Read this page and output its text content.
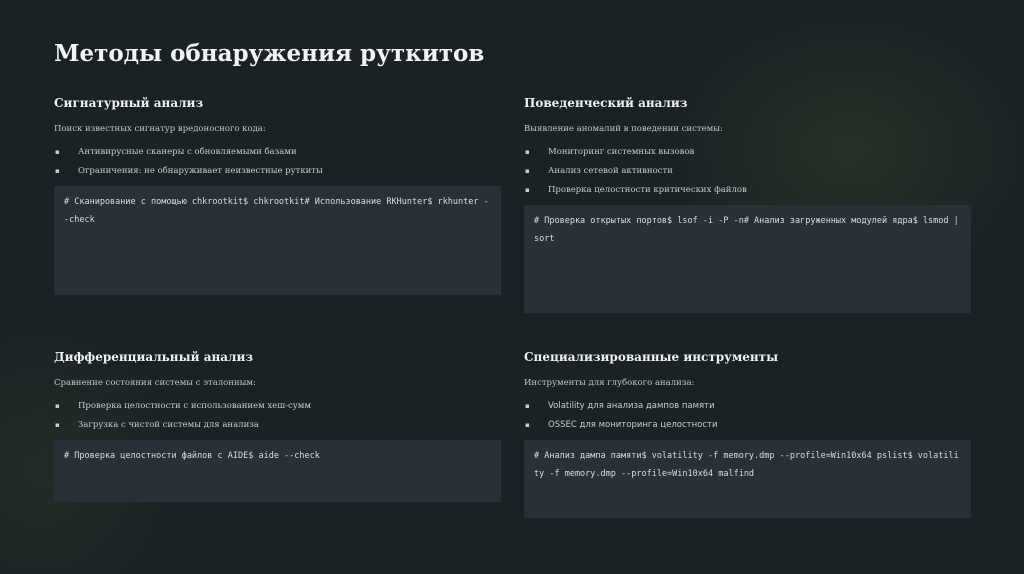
Методы обнаружения руткитов
Сигнатурный анализ

Поиск известных сигнатур вредоносного кода:

▪ Антивирусные сканеры с обновляемыми базами
▪ Ограничения: не обнаруживает неизвестные руткиты
# Сканирование с помощью chkrootkit$ chkrootkit# Использование RKHunter$ rkhunter --check
Поведенческий анализ

Выявление аномалий в поведении системы:

▪ Мониторинг системных вызовов
▪ Анализ сетевой активности
▪ Проверка целостности критических файлов
# Проверка открытых портов$ lsof -i -P -n# Анализ загруженных модулей ядра$ lsmod | sort
Дифференциальный анализ

Сравнение состояния системы с эталонным:

▪ Проверка целостности с использованием хеш-сумм
▪ Загрузка с чистой системы для анализа
# Проверка целостности файлов с AIDE$ aide --check
Специализированные инструменты

Инструменты для глубокого анализа:

▪ Volatility для анализа дампов памяти
▪ OSSEC для мониторинга целостности
# Анализ дампа памяти$ volatility -f memory.dmp --profile=Win10x64 pslist$ volatility -f memory.dmp --profile=Win10x64 malfind
